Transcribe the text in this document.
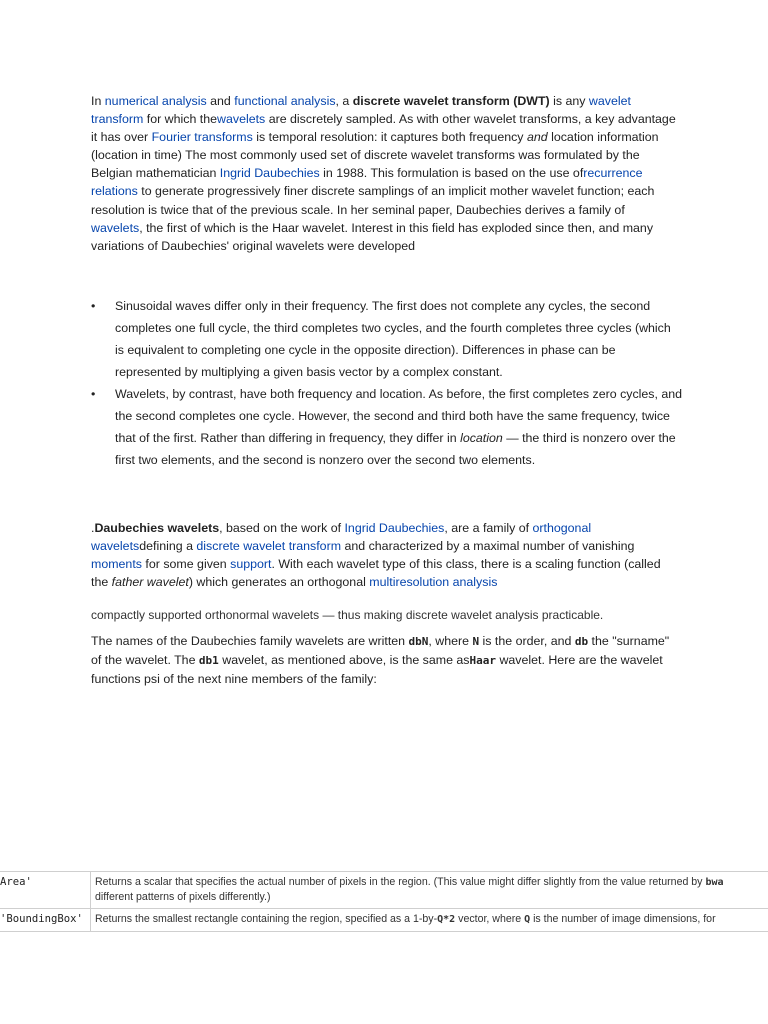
In numerical analysis and functional analysis, a discrete wavelet transform (DWT) is any wavelet transform for which thewavelets are discretely sampled. As with other wavelet transforms, a key advantage it has over Fourier transforms is temporal resolution: it captures both frequency and location information (location in time) The most commonly used set of discrete wavelet transforms was formulated by the Belgian mathematician Ingrid Daubechies in 1988. This formulation is based on the use ofrecurrence relations to generate progressively finer discrete samplings of an implicit mother wavelet function; each resolution is twice that of the previous scale. In her seminal paper, Daubechies derives a family of wavelets, the first of which is the Haar wavelet. Interest in this field has exploded since then, and many variations of Daubechies' original wavelets were developed

• Sinusoidal waves differ only in their frequency. The first does not complete any cycles, the second completes one full cycle, the third completes two cycles, and the fourth completes three cycles (which is equivalent to completing one cycle in the opposite direction). Differences in phase can be represented by multiplying a given basis vector by a complex constant.
• Wavelets, by contrast, have both frequency and location. As before, the first completes zero cycles, and the second completes one cycle. However, the second and third both have the same frequency, twice that of the first. Rather than differing in frequency, they differ in location — the third is nonzero over the first two elements, and the second is nonzero over the second two elements.

.Daubechies wavelets, based on the work of Ingrid Daubechies, are a family of orthogonal waveletsdefining a discrete wavelet transform and characterized by a maximal number of vanishing moments for some given support. With each wavelet type of this class, there is a scaling function (called the father wavelet) which generates an orthogonal multiresolution analysis

compactly supported orthonormal wavelets — thus making discrete wavelet analysis practicable.

The names of the Daubechies family wavelets are written dbN, where N is the order, and db the "surname" of the wavelet. The db1 wavelet, as mentioned above, is the same asHaar wavelet. Here are the wavelet functions psi of the next nine members of the family:

Area'	Returns a scalar that specifies the actual number of pixels in the region. (This value might differ slightly from the value returned by bwa
different patterns of pixels differently.)
'BoundingBox'	Returns the smallest rectangle containing the region, specified as a 1-by-Q*2 vector, where Q is the number of image dimensions, for
